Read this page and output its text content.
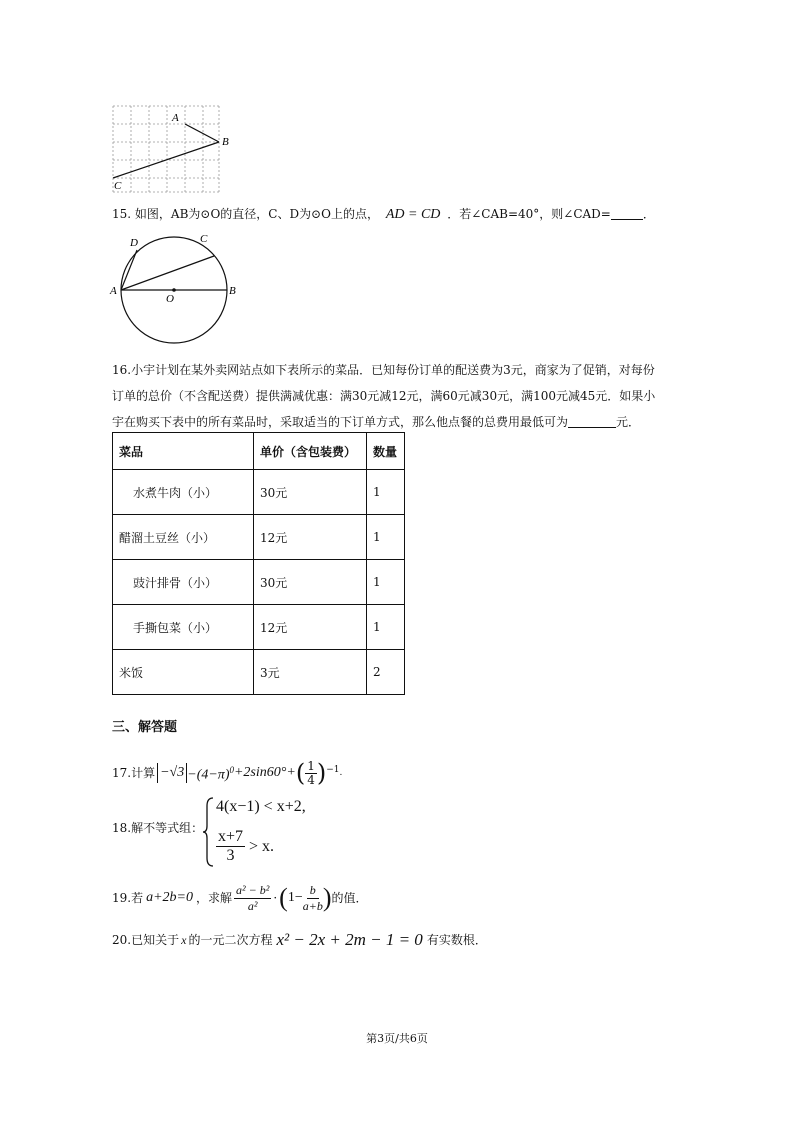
A
B
C
15. 如图，AB为⊙O的直径，C、D为⊙O上的点， AD = CD ．若∠CAB=40°，则∠CAD=	．
A	B
C
D
O
16.小宇计划在某外卖网站点如下表所示的菜品．已知每份订单的配送费为3元，商家为了促销，对每份
订单的总价（不含配送费）提供满减优惠：满30元减12元，满60元减30元，满100元减45元．如果小
宇在购买下表中的所有菜品时，采取适当的下订单方式，那么他点餐的总费用最低可为	元．
菜品	单价（含包装费）	数量
水煮牛肉（小）	30元	1
醋溜土豆丝（小）	12元	1
豉汁排骨（小）	30元	1
手撕包菜（小）	12元	1
米饭	3元	2
三、解答题
17. 计算 $-√3 -(4-\pi)^0 +2\sin 60^\circ+$ ( $\frac{1}{4} )^{-1}$ .
18.解不等式组：
4(x−1) < x+2,
$\frac{x+7}{3} > x$.
19. 若 a+2b=0 ，求解 $\frac{\text{a² − b²}}{\text{a²}}$ · ( $1- \frac{b}{a+b}$ ) 的值．
20. 已知关于 x 的一元二次方程 x² − 2x + 2m − 1 = 0 有实数根．
第3页/共6页
